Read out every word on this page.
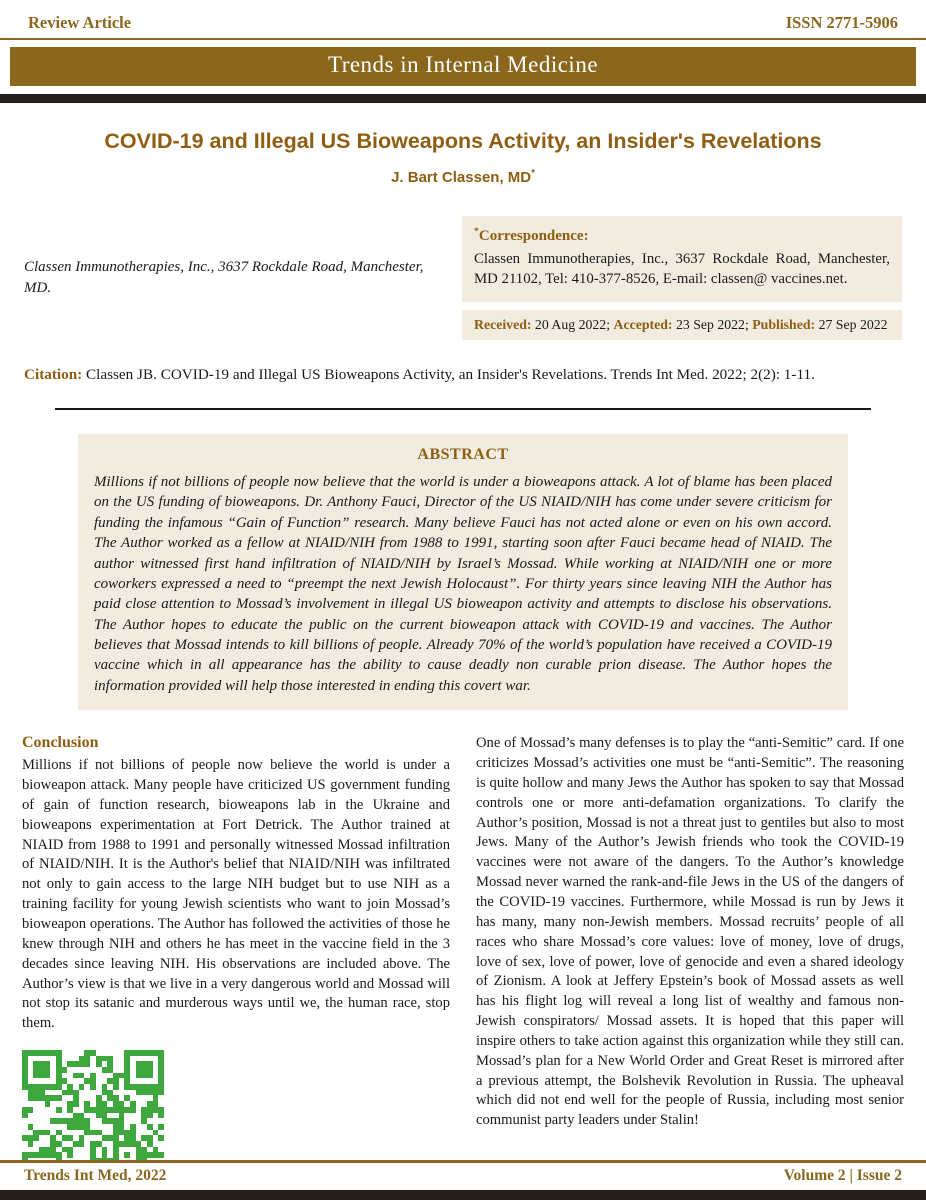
Review Article	ISSN 2771-5906
Trends in Internal Medicine
COVID-19 and Illegal US Bioweapons Activity, an Insider's Revelations
J. Bart Classen, MD*
Classen Immunotherapies, Inc., 3637 Rockdale Road, Manchester, MD.
*Correspondence:
Classen Immunotherapies, Inc., 3637 Rockdale Road, Manchester, MD 21102, Tel: 410-377-8526, E-mail: classen@ vaccines.net.
Received: 20 Aug 2022; Accepted: 23 Sep 2022; Published: 27 Sep 2022
Citation: Classen JB. COVID-19 and Illegal US Bioweapons Activity, an Insider's Revelations. Trends Int Med. 2022; 2(2): 1-11.
ABSTRACT

Millions if not billions of people now believe that the world is under a bioweapons attack. A lot of blame has been placed on the US funding of bioweapons. Dr. Anthony Fauci, Director of the US NIAID/NIH has come under severe criticism for funding the infamous “Gain of Function” research. Many believe Fauci has not acted alone or even on his own accord. The Author worked as a fellow at NIAID/NIH from 1988 to 1991, starting soon after Fauci became head of NIAID. The author witnessed first hand infiltration of NIAID/NIH by Israel’s Mossad. While working at NIAID/NIH one or more coworkers expressed a need to “preempt the next Jewish Holocaust”. For thirty years since leaving NIH the Author has paid close attention to Mossad’s involvement in illegal US bioweapon activity and attempts to disclose his observations. The Author hopes to educate the public on the current bioweapon attack with COVID-19 and vaccines. The Author believes that Mossad intends to kill billions of people. Already 70% of the world’s population have received a COVID-19 vaccine which in all appearance has the ability to cause deadly non curable prion disease. The Author hopes the information provided will help those interested in ending this covert war.

Conclusion

Millions if not billions of people now believe the world is under a bioweapon attack. Many people have criticized US government funding of gain of function research, bioweapons lab in the Ukraine and bioweapons experimentation at Fort Detrick. The Author trained at NIAID from 1988 to 1991 and personally witnessed Mossad infiltration of NIAID/NIH. It is the Author's belief that NIAID/NIH was infiltrated not only to gain access to the large NIH budget but to use NIH as a training facility for young Jewish scientists who want to join Mossad’s bioweapon operations. The Author has followed the activities of those he knew through NIH and others he has meet in the vaccine field in the 3 decades since leaving NIH. His observations are included above. The Author’s view is that we live in a very dangerous world and Mossad will not stop its satanic and murderous ways until we, the human race, stop them.

One of Mossad’s many defenses is to play the “anti-Semitic” card. If one criticizes Mossad’s activities one must be “anti-Semitic”. The reasoning is quite hollow and many Jews the Author has spoken to say that Mossad controls one or more anti-defamation organizations. To clarify the Author’s position, Mossad is not a threat just to gentiles but also to most Jews. Many of the Author’s Jewish friends who took the COVID-19 vaccines were not aware of the dangers. To the Author’s knowledge Mossad never warned the rank-and-file Jews in the US of the dangers of the COVID-19 vaccines. Furthermore, while Mossad is run by Jews it has many, many non-Jewish members. Mossad recruits’ people of all races who share Mossad’s core values: love of money, love of drugs, love of sex, love of power, love of genocide and even a shared ideology of Zionism. A look at Jeffery Epstein’s book of Mossad assets as well has his flight log will reveal a long list of wealthy and famous non-Jewish conspirators/ Mossad assets. It is hoped that this paper will inspire others to take action against this organization while they still can. Mossad’s plan for a New World Order and Great Reset is mirrored after a previous attempt, the Bolshevik Revolution in Russia. The upheaval which did not end well for the people of Russia, including most senior communist party leaders under Stalin!

Trends Int Med, 2022	Volume 2 | Issue 2
